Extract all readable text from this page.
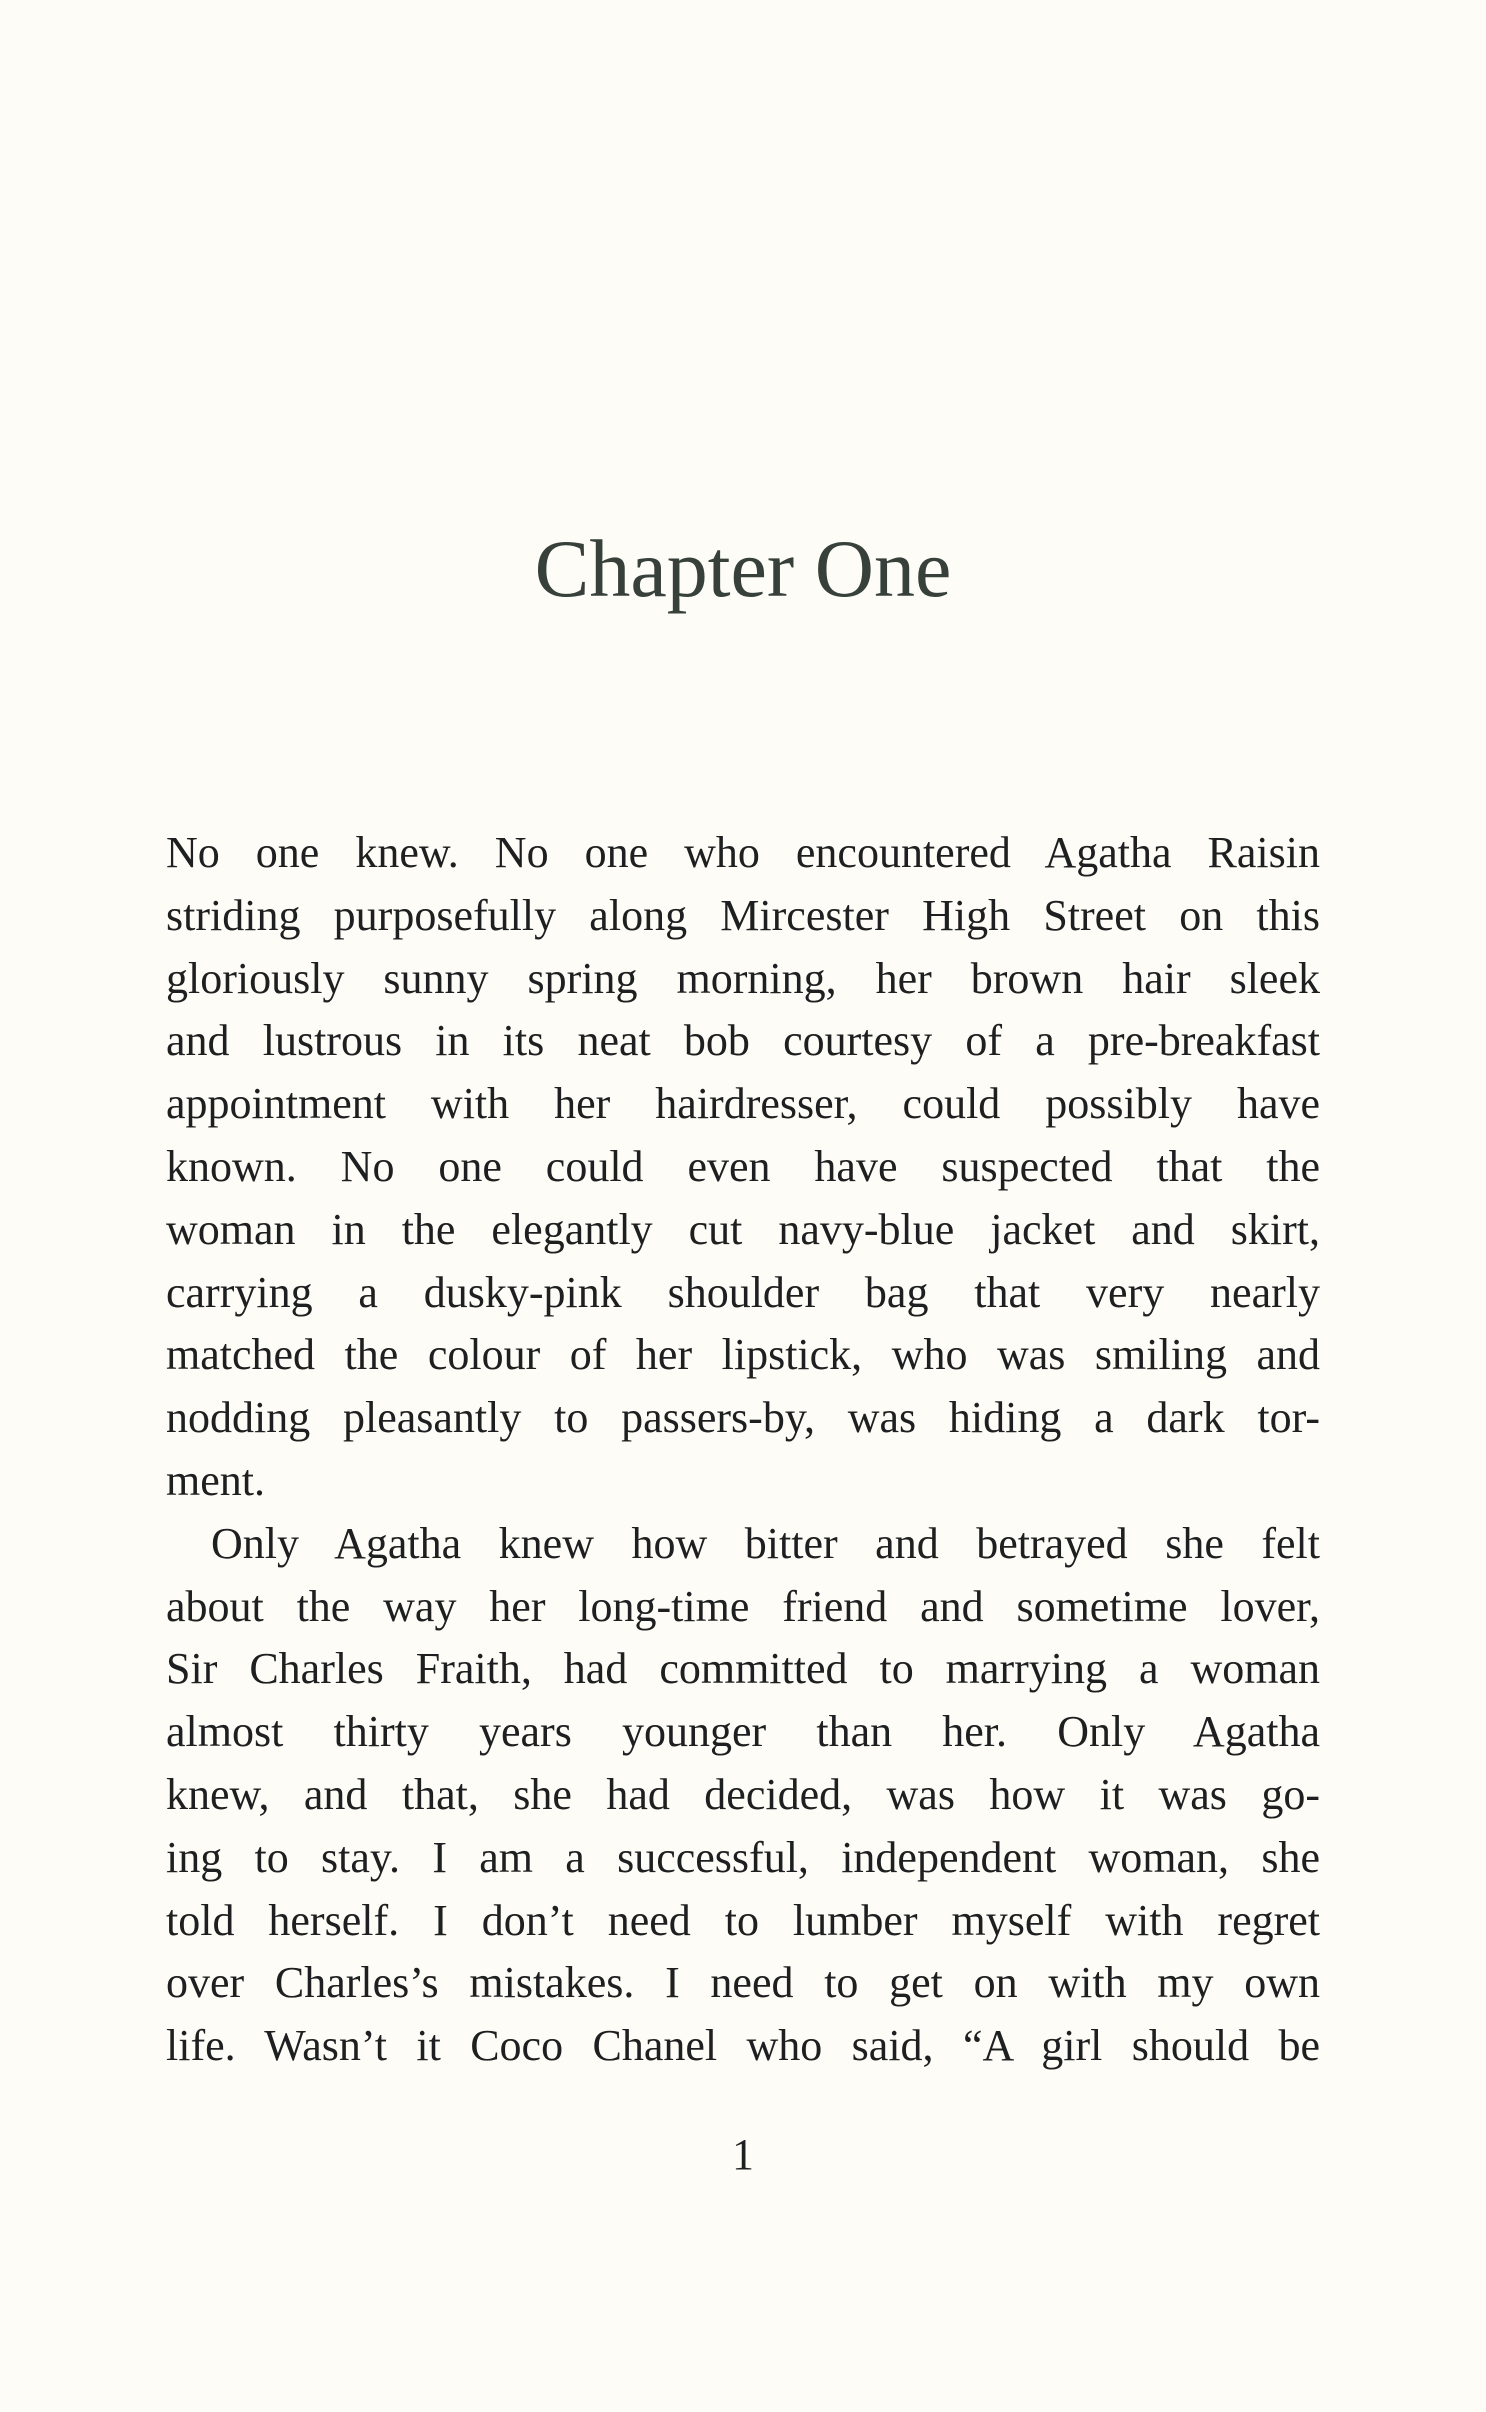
Chapter One
No one knew. No one who encountered Agatha Raisin
striding purposefully along Mircester High Street on this
gloriously sunny spring morning, her brown hair sleek
and lustrous in its neat bob courtesy of a pre-breakfast
appointment with her hairdresser, could possibly have
known. No one could even have suspected that the
woman in the elegantly cut navy-blue jacket and skirt,
carrying a dusky-pink shoulder bag that very nearly
matched the colour of her lipstick, who was smiling and
nodding pleasantly to passers-by, was hiding a dark tor-
ment.
Only Agatha knew how bitter and betrayed she felt
about the way her long-time friend and sometime lover,
Sir Charles Fraith, had committed to marrying a woman
almost thirty years younger than her. Only Agatha
knew, and that, she had decided, was how it was go-
ing to stay. I am a successful, independent woman, she
told herself. I don’t need to lumber myself with regret
over Charles’s mistakes. I need to get on with my own
life. Wasn’t it Coco Chanel who said, “A girl should be
1
